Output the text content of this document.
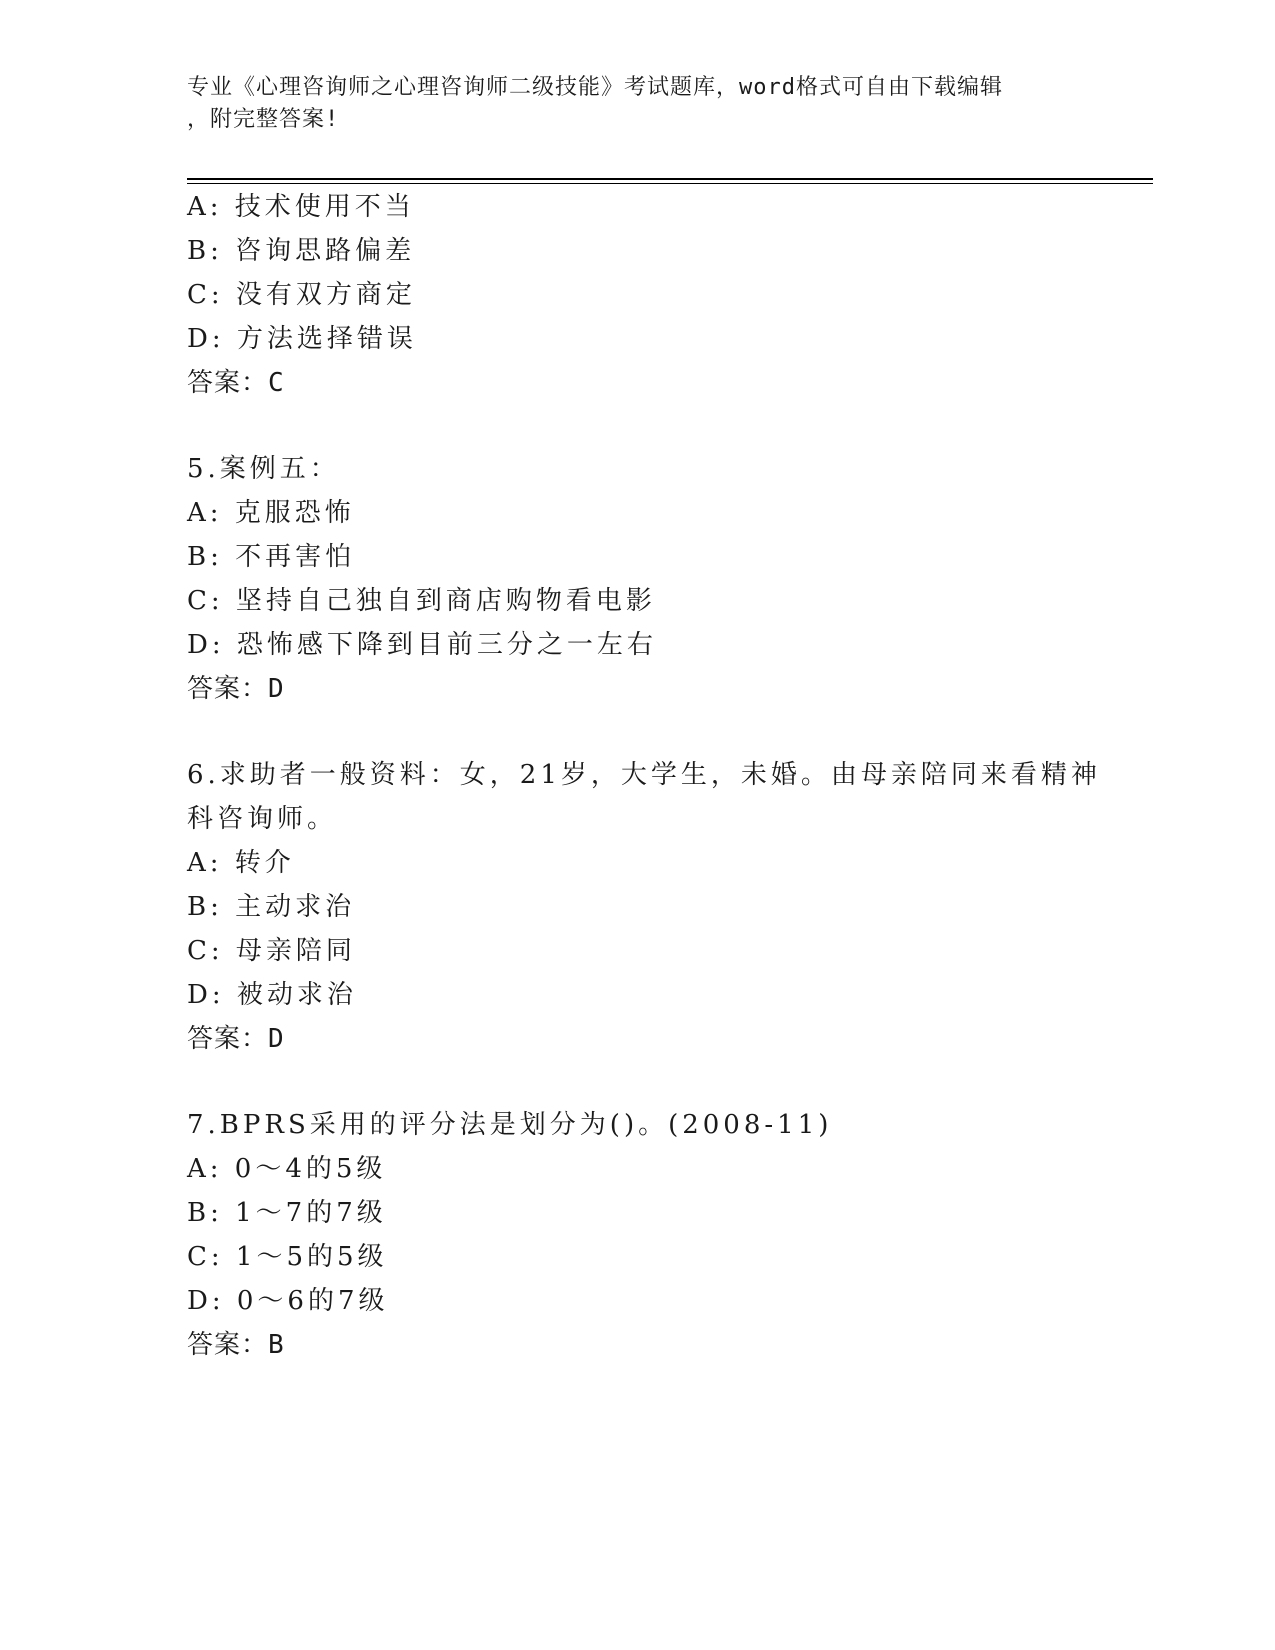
专业《心理咨询师之心理咨询师二级技能》考试题库，word格式可自由下载编辑
，附完整答案!
A: 技术使用不当
B: 咨询思路偏差
C: 没有双方商定
D: 方法选择错误
答案：C
5.案例五：
A: 克服恐怖
B: 不再害怕
C: 坚持自己独自到商店购物看电影
D: 恐怖感下降到目前三分之一左右
答案：D
6.求助者一般资料：女，21岁，大学生，未婚。由母亲陪同来看精神
科咨询师。
A: 转介
B: 主动求治
C: 母亲陪同
D: 被动求治
答案：D
7.BPRS采用的评分法是划分为()。(2008-11)
A: 0～4的5级
B: 1～7的7级
C: 1～5的5级
D: 0～6的7级
答案：B
